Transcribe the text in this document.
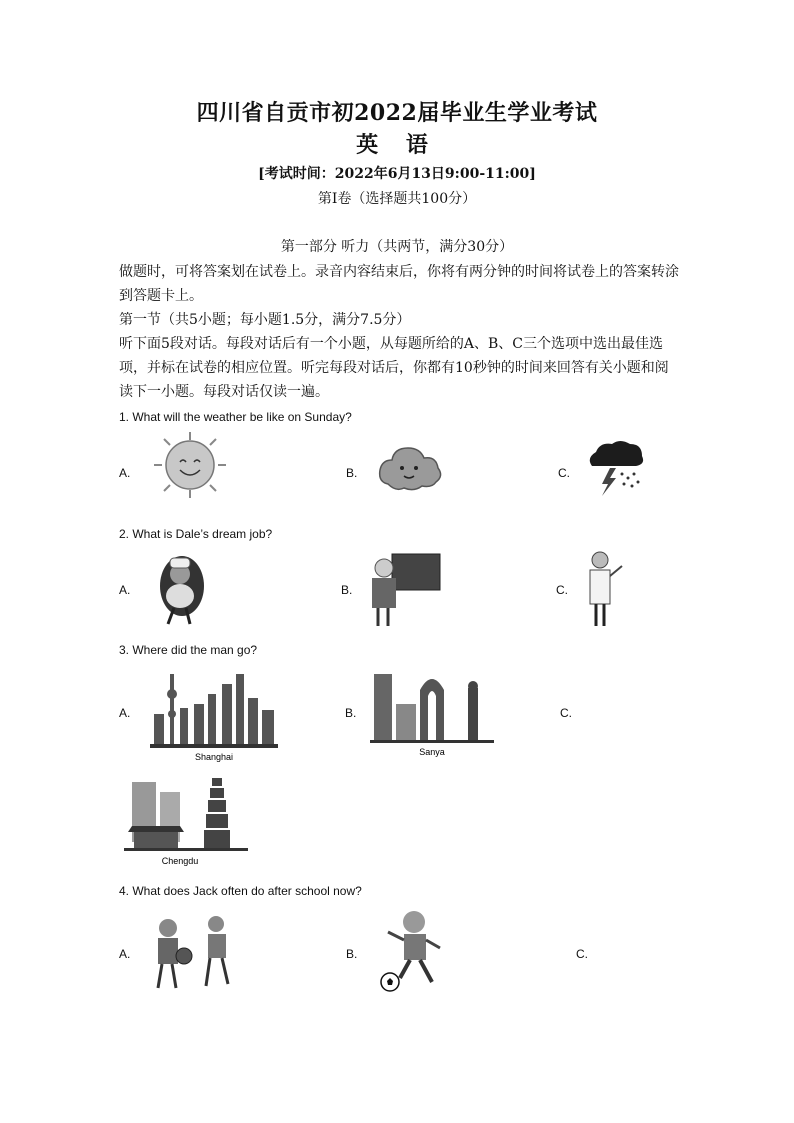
四川省自贡市初2022届毕业生学业考试
英 语
[考试时间：2022年6月13日9:00-11:00]
第Ⅰ卷（选择题共100分）
第一部分 听力（共两节，满分30分）
做题时，可将答案划在试卷上。录音内容结束后，你将有两分钟的时间将试卷上的答案转涂到答题卡上。
第一节（共5小题；每小题1.5分，满分7.5分）
听下面5段对话。每段对话后有一个小题，从每题所给的A、B、C三个选项中选出最佳选项，并标在试卷的相应位置。听完每段对话后，你都有10秒钟的时间来回答有关小题和阅读下一小题。每段对话仅读一遍。
1. What will the weather be like on Sunday?
A.	B.	C.
2. What is Dale’s dream job?
A.	B.	C.
3. Where did the man go?
A.
Shanghai
B.
Sanya
C.
Chengdu
4. What does Jack often do after school now?
A.	B.	C.
